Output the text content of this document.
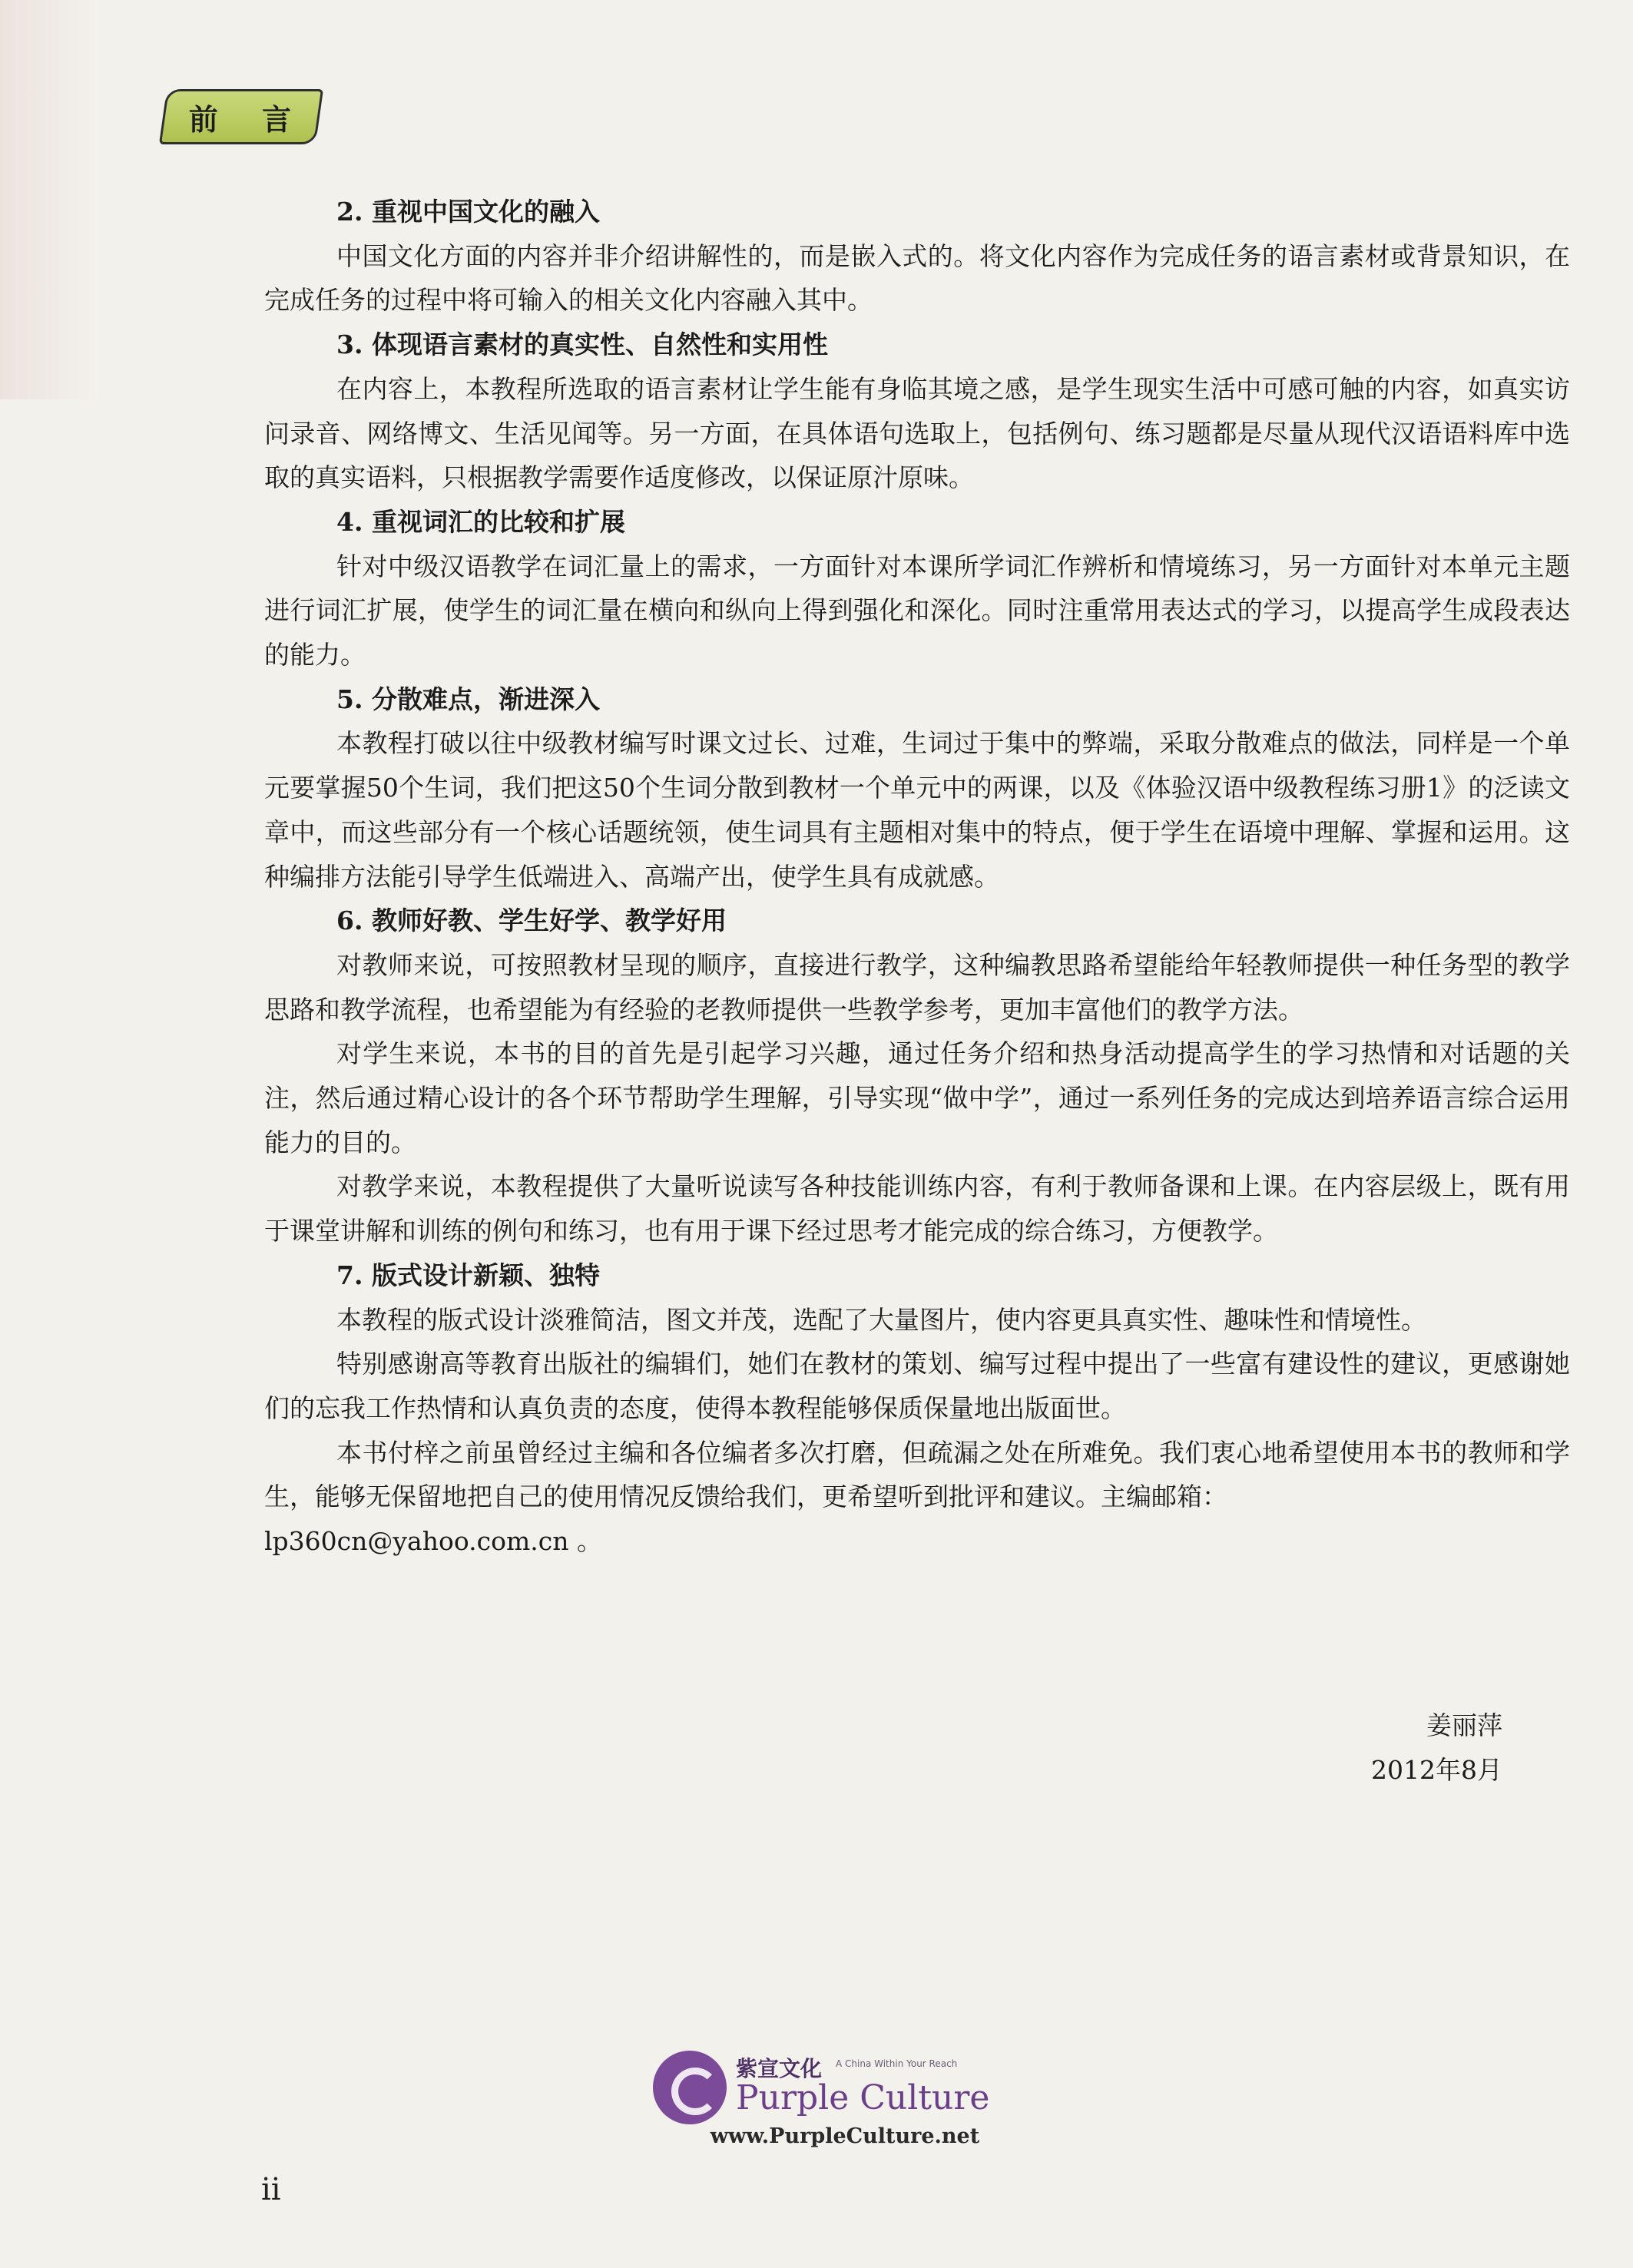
前 言

2. 重视中国文化的融入

中国文化方面的内容并非介绍讲解性的，而是嵌入式的。将文化内容作为完成任务的语言素材或背景知识，在完成任务的过程中将可输入的相关文化内容融入其中。

3. 体现语言素材的真实性、自然性和实用性

在内容上，本教程所选取的语言素材让学生能有身临其境之感，是学生现实生活中可感可触的内容，如真实访问录音、网络博文、生活见闻等。另一方面，在具体语句选取上，包括例句、练习题都是尽量从现代汉语语料库中选取的真实语料，只根据教学需要作适度修改，以保证原汁原味。

4. 重视词汇的比较和扩展

针对中级汉语教学在词汇量上的需求，一方面针对本课所学词汇作辨析和情境练习，另一方面针对本单元主题进行词汇扩展，使学生的词汇量在横向和纵向上得到强化和深化。同时注重常用表达式的学习，以提高学生成段表达的能力。

5. 分散难点，渐进深入

本教程打破以往中级教材编写时课文过长、过难，生词过于集中的弊端，采取分散难点的做法，同样是一个单元要掌握50个生词，我们把这50个生词分散到教材一个单元中的两课，以及《体验汉语中级教程练习册1》的泛读文章中，而这些部分有一个核心话题统领，使生词具有主题相对集中的特点，便于学生在语境中理解、掌握和运用。这种编排方法能引导学生低端进入、高端产出，使学生具有成就感。

6. 教师好教、学生好学、教学好用

对教师来说，可按照教材呈现的顺序，直接进行教学，这种编教思路希望能给年轻教师提供一种任务型的教学思路和教学流程，也希望能为有经验的老教师提供一些教学参考，更加丰富他们的教学方法。

对学生来说，本书的目的首先是引起学习兴趣，通过任务介绍和热身活动提高学生的学习热情和对话题的关注，然后通过精心设计的各个环节帮助学生理解，引导实现“做中学”，通过一系列任务的完成达到培养语言综合运用能力的目的。

对教学来说，本教程提供了大量听说读写各种技能训练内容，有利于教师备课和上课。在内容层级上，既有用于课堂讲解和训练的例句和练习，也有用于课下经过思考才能完成的综合练习，方便教学。

7. 版式设计新颖、独特

本教程的版式设计淡雅简洁，图文并茂，选配了大量图片，使内容更具真实性、趣味性和情境性。

特别感谢高等教育出版社的编辑们，她们在教材的策划、编写过程中提出了一些富有建设性的建议，更感谢她们的忘我工作热情和认真负责的态度，使得本教程能够保质保量地出版面世。

本书付梓之前虽曾经过主编和各位编者多次打磨，但疏漏之处在所难免。我们衷心地希望使用本书的教师和学生，能够无保留地把自己的使用情况反馈给我们，更希望听到批评和建议。主编邮箱：

lp360cn@yahoo.com.cn 。

姜丽萍
2012年8月
紫宣文化 A China Within Your Reach
Purple Culture
www.PurpleCulture.net
ii
